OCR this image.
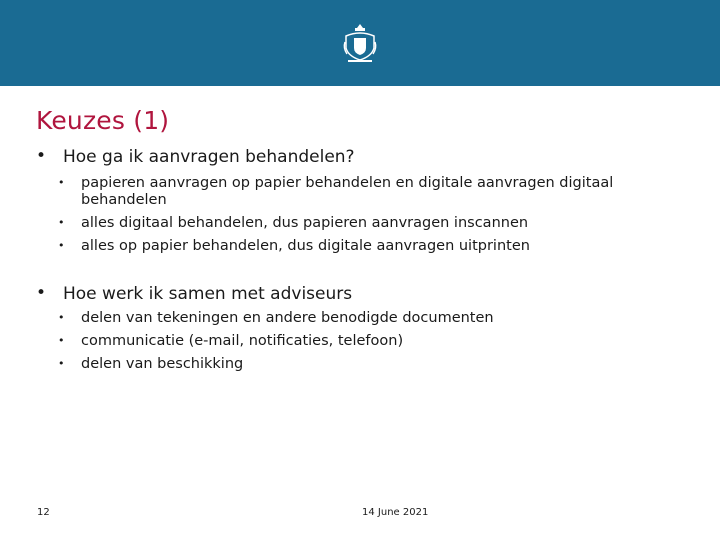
Keuzes (1)
• Hoe ga ik aanvragen behandelen?
• papieren aanvragen op papier behandelen en digitale aanvragen digitaal
behandelen
• alles digitaal behandelen, dus papieren aanvragen inscannen
• alles op papier behandelen, dus digitale aanvragen uitprinten
• Hoe werk ik samen met adviseurs
• delen van tekeningen en andere benodigde documenten
• communicatie (e-mail, notificaties, telefoon)
• delen van beschikking
12	14 June 2021
